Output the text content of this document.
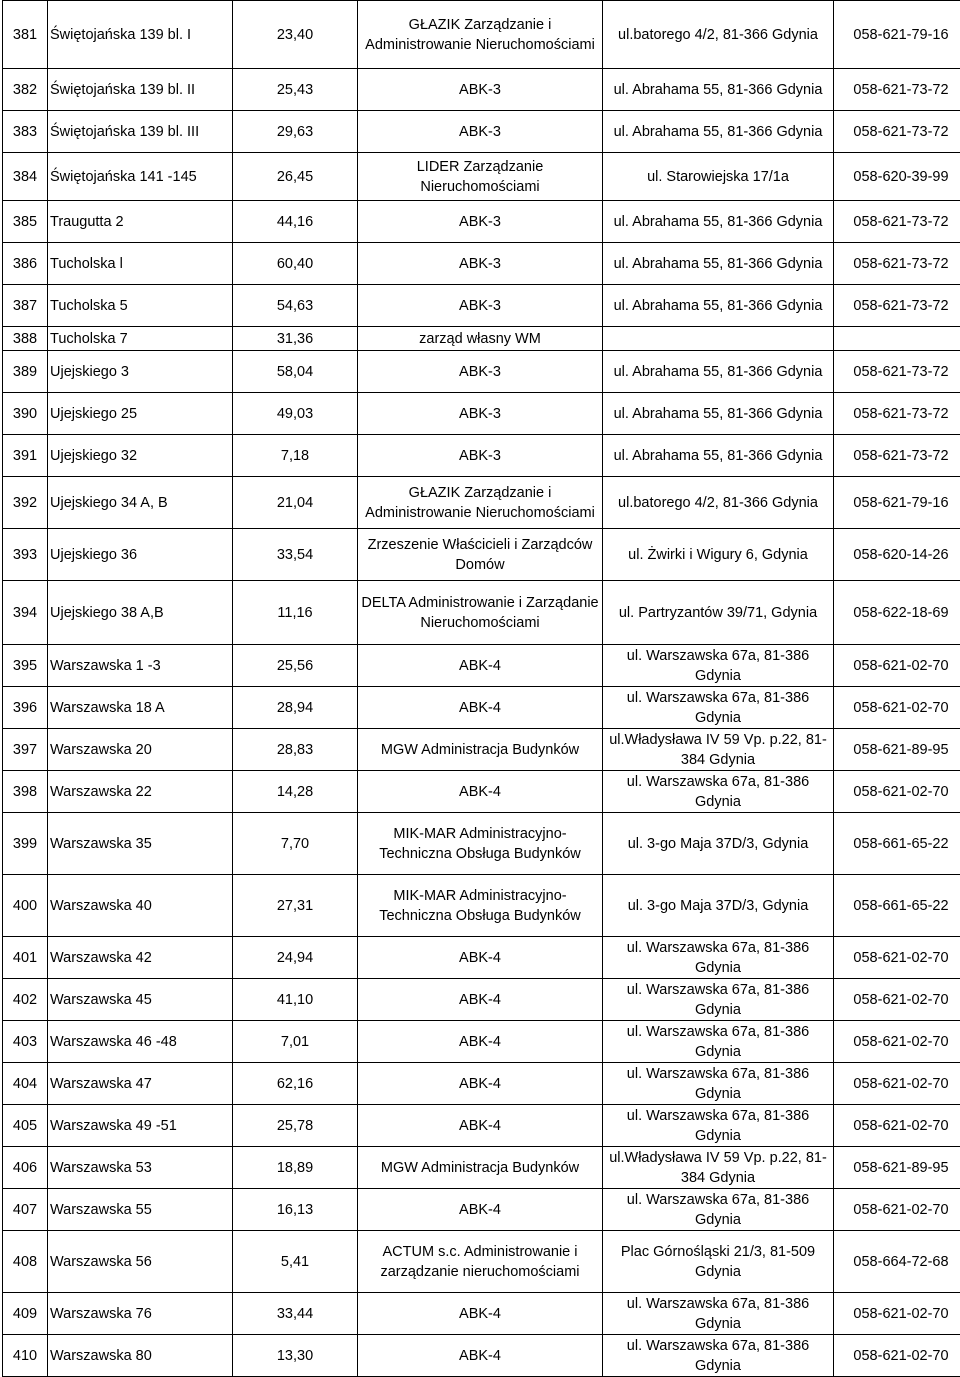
381	Świętojańska 139 bl. I	23,40	GŁAZIK Zarządzanie i Administrowanie Nieruchomościami	ul.batorego 4/2, 81-366 Gdynia	058-621-79-16
382	Świętojańska 139 bl. II	25,43	ABK-3	ul. Abrahama 55, 81-366 Gdynia	058-621-73-72
383	Świętojańska 139 bl. III	29,63	ABK-3	ul. Abrahama 55, 81-366 Gdynia	058-621-73-72
384	Świętojańska 141 -145	26,45	LIDER Zarządzanie Nieruchomościami	ul. Starowiejska 17/1a	058-620-39-99
385	Traugutta 2	44,16	ABK-3	ul. Abrahama 55, 81-366 Gdynia	058-621-73-72
386	Tucholska l	60,40	ABK-3	ul. Abrahama 55, 81-366 Gdynia	058-621-73-72
387	Tucholska 5	54,63	ABK-3	ul. Abrahama 55, 81-366 Gdynia	058-621-73-72
388	Tucholska 7	31,36	zarząd własny WM		
389	Ujejskiego 3	58,04	ABK-3	ul. Abrahama 55, 81-366 Gdynia	058-621-73-72
390	Ujejskiego 25	49,03	ABK-3	ul. Abrahama 55, 81-366 Gdynia	058-621-73-72
391	Ujejskiego 32	7,18	ABK-3	ul. Abrahama 55, 81-366 Gdynia	058-621-73-72
392	Ujejskiego 34 A, B	21,04	GŁAZIK Zarządzanie i Administrowanie Nieruchomościami	ul.batorego 4/2, 81-366 Gdynia	058-621-79-16
393	Ujejskiego 36	33,54	Zrzeszenie Właścicieli i Zarządców Domów	ul. Żwirki i Wigury 6, Gdynia	058-620-14-26
394	Ujejskiego 38 A,B	11,16	DELTA Administrowanie i Zarządanie Nieruchomościami	ul. Partryzantów 39/71, Gdynia	058-622-18-69
395	Warszawska 1 -3	25,56	ABK-4	ul. Warszawska 67a, 81-386 Gdynia	058-621-02-70
396	Warszawska 18 A	28,94	ABK-4	ul. Warszawska 67a, 81-386 Gdynia	058-621-02-70
397	Warszawska 20	28,83	MGW Administracja Budynków	ul.Władysława IV 59 Vp. p.22, 81-384 Gdynia	058-621-89-95
398	Warszawska 22	14,28	ABK-4	ul. Warszawska 67a, 81-386 Gdynia	058-621-02-70
399	Warszawska 35	7,70	MIK-MAR Administracyjno-Techniczna Obsługa Budynków	ul. 3-go Maja 37D/3, Gdynia	058-661-65-22
400	Warszawska 40	27,31	MIK-MAR Administracyjno-Techniczna Obsługa Budynków	ul. 3-go Maja 37D/3, Gdynia	058-661-65-22
401	Warszawska 42	24,94	ABK-4	ul. Warszawska 67a, 81-386 Gdynia	058-621-02-70
402	Warszawska 45	41,10	ABK-4	ul. Warszawska 67a, 81-386 Gdynia	058-621-02-70
403	Warszawska 46 -48	7,01	ABK-4	ul. Warszawska 67a, 81-386 Gdynia	058-621-02-70
404	Warszawska 47	62,16	ABK-4	ul. Warszawska 67a, 81-386 Gdynia	058-621-02-70
405	Warszawska 49 -51	25,78	ABK-4	ul. Warszawska 67a, 81-386 Gdynia	058-621-02-70
406	Warszawska 53	18,89	MGW Administracja Budynków	ul.Władysława IV 59 Vp. p.22, 81-384 Gdynia	058-621-89-95
407	Warszawska 55	16,13	ABK-4	ul. Warszawska 67a, 81-386 Gdynia	058-621-02-70
408	Warszawska 56	5,41	ACTUM s.c. Administrowanie i zarządzanie nieruchomościami	Plac Górnośląski 21/3, 81-509 Gdynia	058-664-72-68
409	Warszawska 76	33,44	ABK-4	ul. Warszawska 67a, 81-386 Gdynia	058-621-02-70
410	Warszawska 80	13,30	ABK-4	ul. Warszawska 67a, 81-386 Gdynia	058-621-02-70
